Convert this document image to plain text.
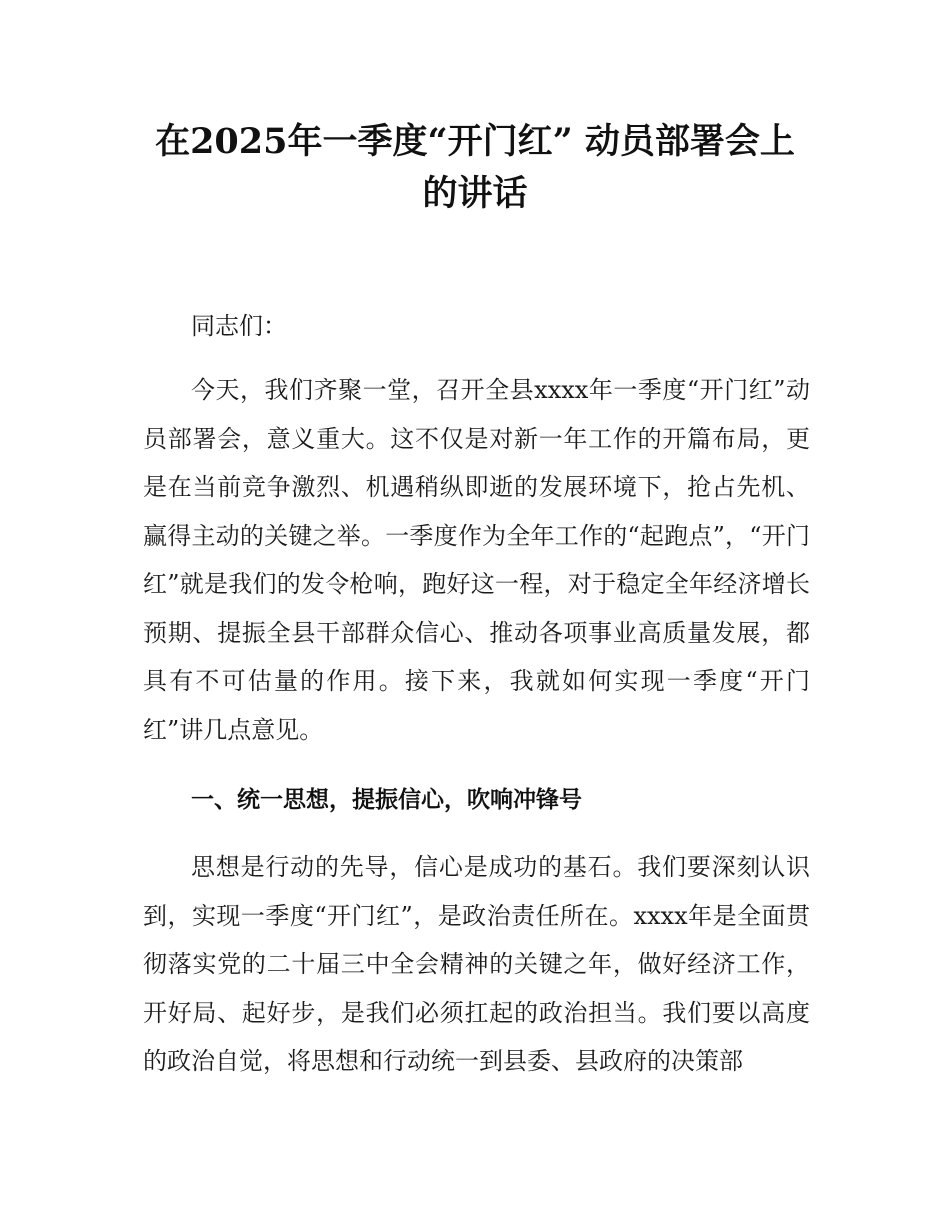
在2025年一季度“开门红” 动员部署会上
的讲话

同志们：

今天，我们齐聚一堂，召开全县xxxx年一季度“开门红”动员部署会，意义重大。这不仅是对新一年工作的开篇布局，更是在当前竞争激烈、机遇稍纵即逝的发展环境下，抢占先机、赢得主动的关键之举。一季度作为全年工作的“起跑点”，“开门红”就是我们的发令枪响，跑好这一程，对于稳定全年经济增长预期、提振全县干部群众信心、推动各项事业高质量发展，都具有不可估量的作用。接下来，我就如何实现一季度“开门红”讲几点意见。

一、统一思想，提振信心，吹响冲锋号

思想是行动的先导，信心是成功的基石。我们要深刻认识到，实现一季度“开门红”，是政治责任所在。xxxx年是全面贯彻落实党的二十届三中全会精神的关键之年，做好经济工作，开好局、起好步，是我们必须扛起的政治担当。我们要以高度的政治自觉，将思想和行动统一到县委、县政府的决策部
